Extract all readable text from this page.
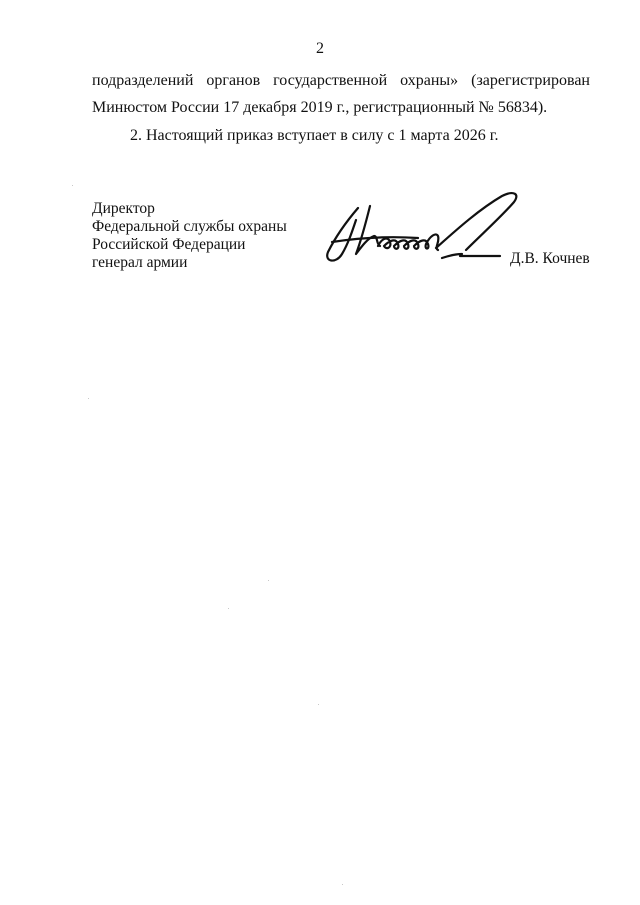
2
подразделений органов государственной охраны» (зарегистрирован
Минюстом России 17 декабря 2019 г., регистрационный № 56834).
2. Настоящий приказ вступает в силу с 1 марта 2026 г.
Директор
Федеральной службы охраны
Российской Федерации
генерал армии	Д.В. Кочнев
